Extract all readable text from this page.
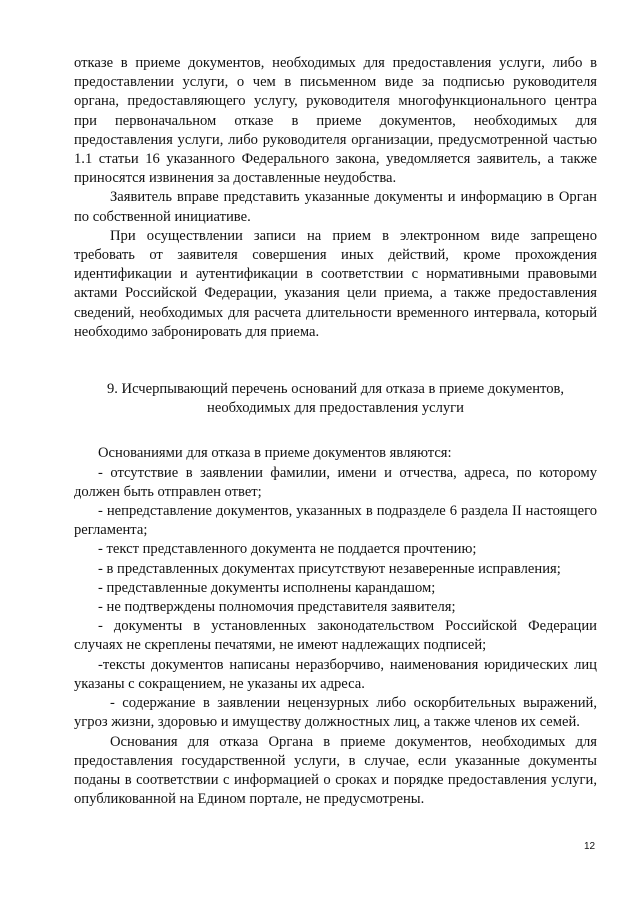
отказе в приеме документов, необходимых для предоставления услуги, либо в предоставлении услуги, о чем в письменном виде за подписью руководителя органа, предоставляющего услугу, руководителя многофункционального центра при первоначальном отказе в приеме документов, необходимых для предоставления услуги, либо руководителя организации, предусмотренной частью 1.1 статьи 16 указанного Федерального закона, уведомляется заявитель, а также приносятся извинения за доставленные неудобства.

Заявитель вправе представить указанные документы и информацию в Орган по собственной инициативе.

При осуществлении записи на прием в электронном виде запрещено требовать от заявителя совершения иных действий, кроме прохождения идентификации и аутентификации в соответствии с нормативными правовыми актами Российской Федерации, указания цели приема, а также предоставления сведений, необходимых для расчета длительности временного интервала, который необходимо забронировать для приема.

9. Исчерпывающий перечень оснований для отказа в приеме документов,
необходимых для предоставления услуги

Основаниями для отказа в приеме документов являются:

- отсутствие в заявлении фамилии, имени и отчества, адреса, по которому должен быть отправлен ответ;

- непредставление документов, указанных в подразделе 6 раздела II настоящего регламента;

- текст представленного документа не поддается прочтению;

- в представленных документах присутствуют незаверенные исправления;

- представленные документы исполнены карандашом;

- не подтверждены полномочия представителя заявителя;

- документы в установленных законодательством Российской Федерации случаях не скреплены печатями, не имеют надлежащих подписей;

-тексты документов написаны неразборчиво, наименования юридических лиц указаны с сокращением, не указаны их адреса.

- содержание в заявлении нецензурных либо оскорбительных выражений, угроз жизни, здоровью и имуществу должностных лиц, а также членов их семей.

Основания для отказа Органа в приеме документов, необходимых для предоставления государственной услуги, в случае, если указанные документы поданы в соответствии с информацией о сроках и порядке предоставления услуги, опубликованной на Едином портале, не предусмотрены.

12
